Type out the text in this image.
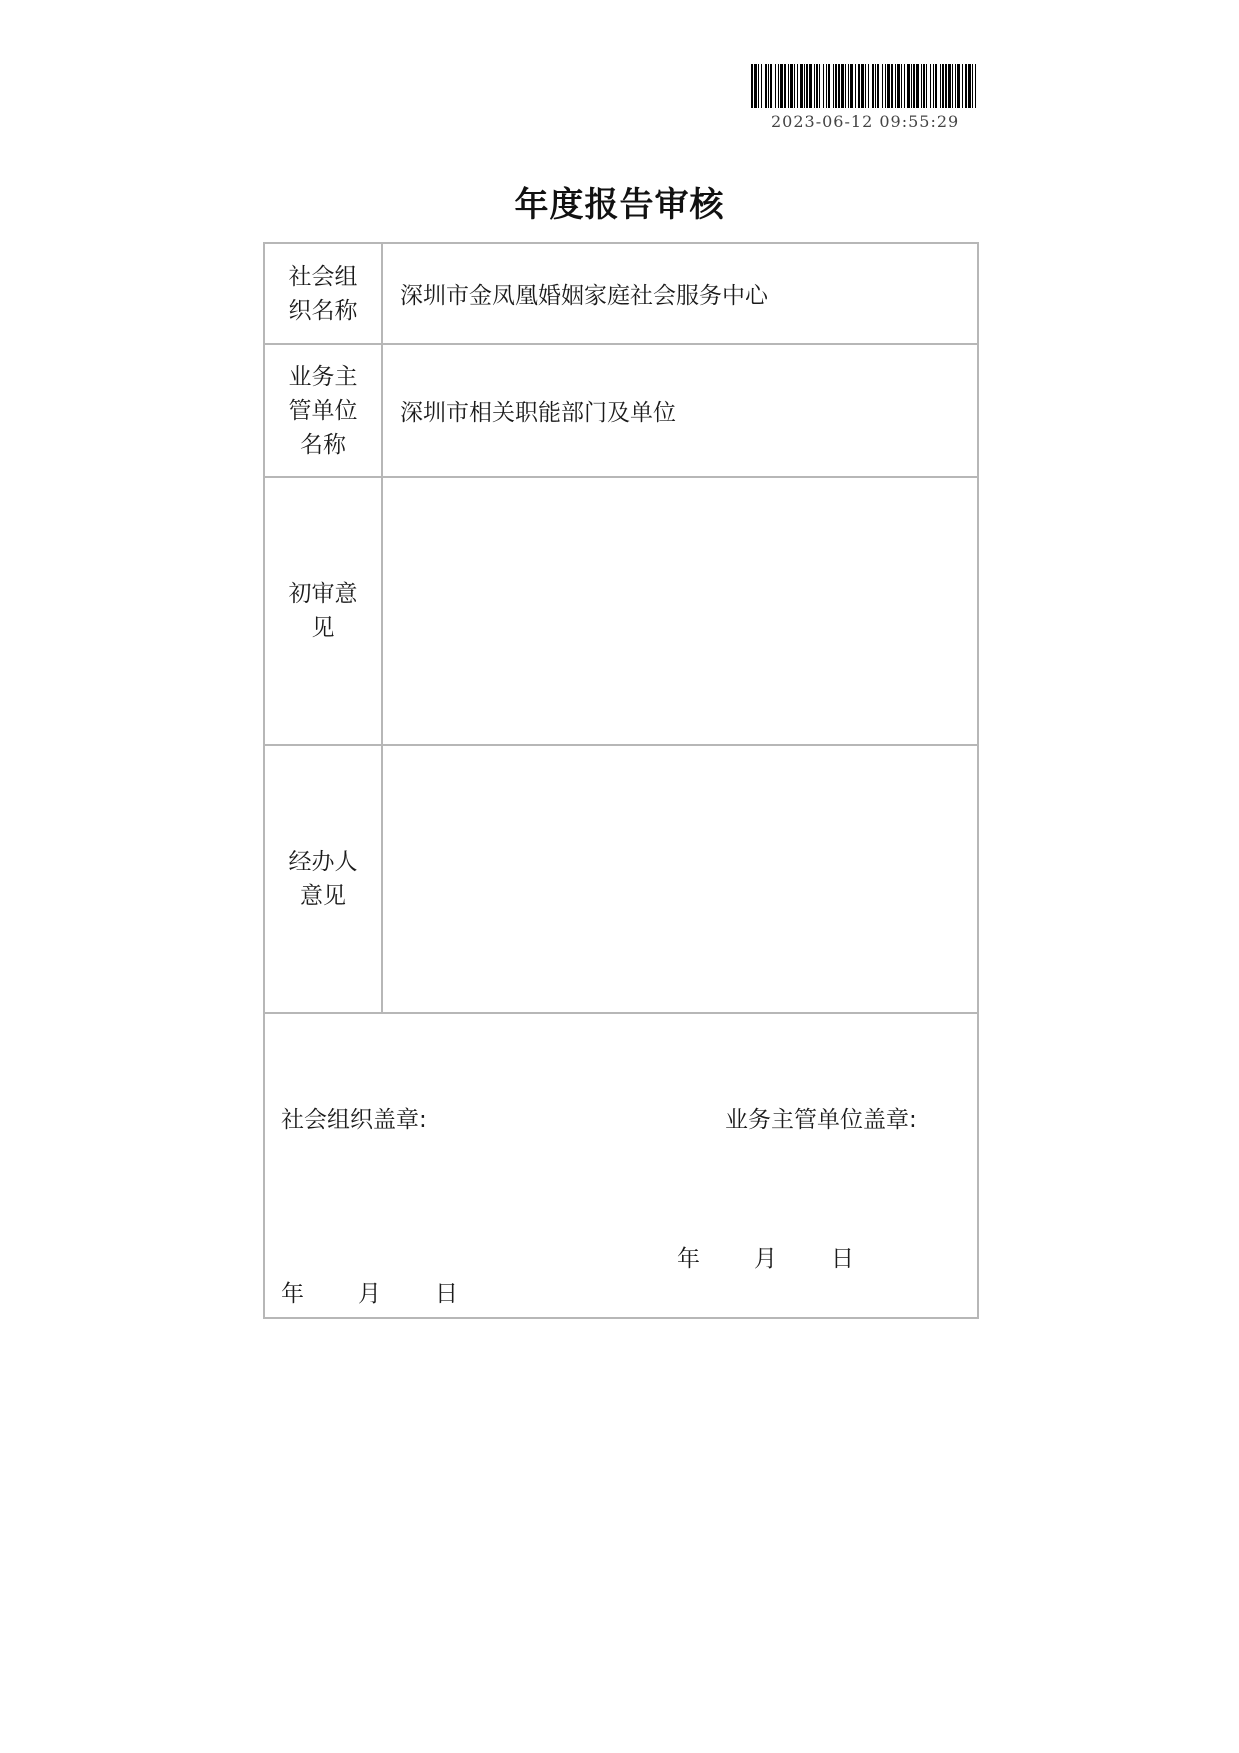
2023-06-12 09:55:29
年度报告审核
社会组织名称
深圳市金凤凰婚姻家庭社会服务中心
业务主管单位名称
深圳市相关职能部门及单位
初审意见
经办人意见
社会组织盖章:	业务主管单位盖章:
年 月 日
年 月 日
